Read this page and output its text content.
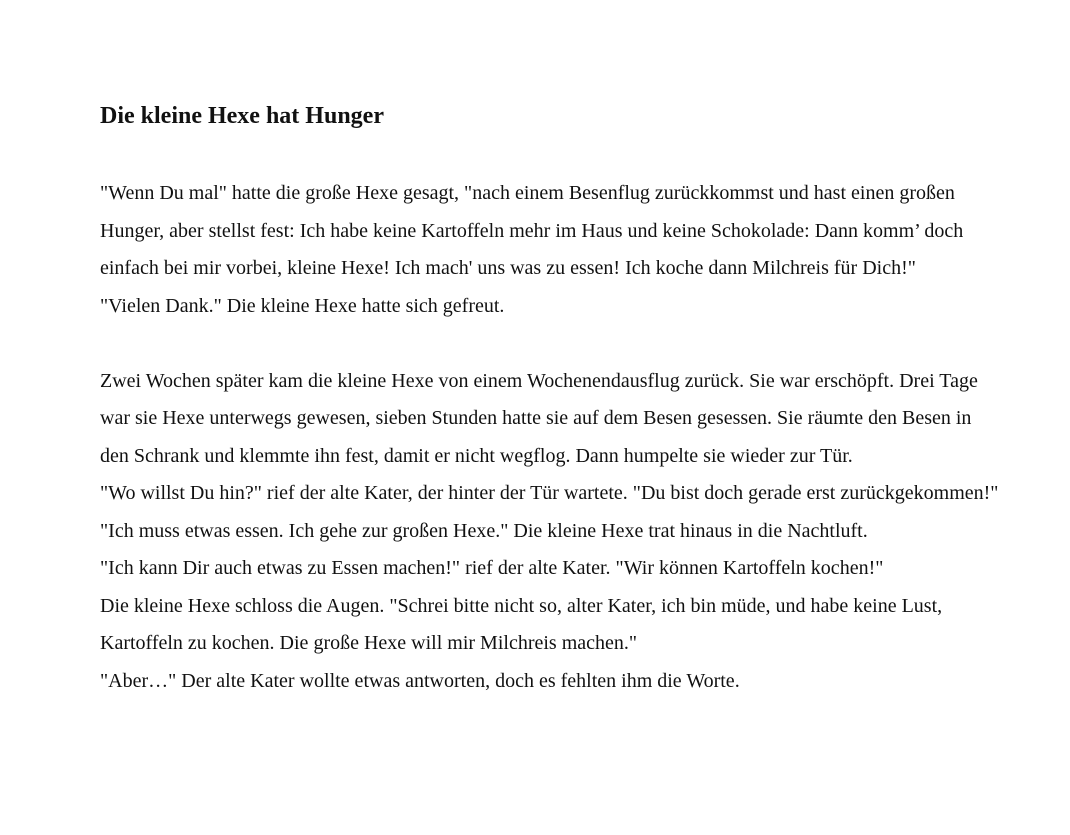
Die kleine Hexe hat Hunger

"Wenn Du mal" hatte die große Hexe gesagt, "nach einem Besenflug zurückkommst und hast einen großen Hunger, aber stellst fest: Ich habe keine Kartoffeln mehr im Haus und keine Schokolade: Dann komm’ doch einfach bei mir vorbei, kleine Hexe! Ich mach' uns was zu essen! Ich koche dann Milchreis für Dich!"

"Vielen Dank." Die kleine Hexe hatte sich gefreut.

Zwei Wochen später kam die kleine Hexe von einem Wochenendausflug zurück. Sie war erschöpft. Drei Tage war sie Hexe unterwegs gewesen, sieben Stunden hatte sie auf dem Besen gesessen. Sie räumte den Besen in den Schrank und klemmte ihn fest, damit er nicht wegflog. Dann humpelte sie wieder zur Tür.

"Wo willst Du hin?" rief der alte Kater, der hinter der Tür wartete. "Du bist doch gerade erst zurückgekommen!"

"Ich muss etwas essen. Ich gehe zur großen Hexe." Die kleine Hexe trat hinaus in die Nachtluft.

"Ich kann Dir auch etwas zu Essen machen!" rief der alte Kater. "Wir können Kartoffeln kochen!"

Die kleine Hexe schloss die Augen. "Schrei bitte nicht so, alter Kater, ich bin müde, und habe keine Lust, Kartoffeln zu kochen. Die große Hexe will mir Milchreis machen."

"Aber…" Der alte Kater wollte etwas antworten, doch es fehlten ihm die Worte.
